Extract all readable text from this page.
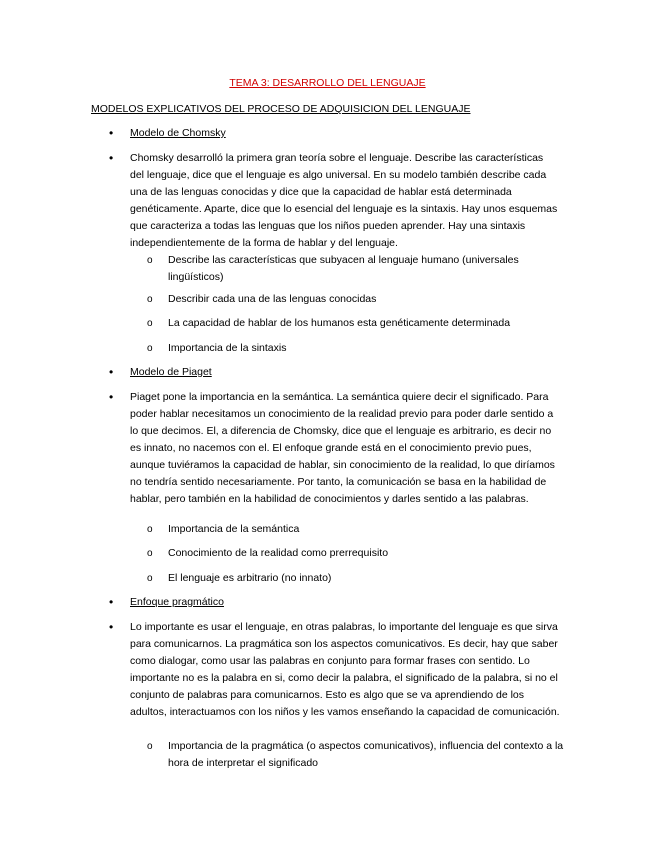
TEMA 3: DESARROLLO DEL LENGUAJE
MODELOS EXPLICATIVOS DEL PROCESO DE ADQUISICION DEL LENGUAJE
• Modelo de Chomsky
• Chomsky desarrolló la primera gran teoría sobre el lenguaje. Describe las características del lenguaje, dice que el lenguaje es algo universal. En su modelo también describe cada una de las lenguas conocidas y dice que la capacidad de hablar está determinada genéticamente. Aparte, dice que lo esencial del lenguaje es la sintaxis. Hay unos esquemas que caracteriza a todas las lenguas que los niños pueden aprender. Hay una sintaxis independientemente de la forma de hablar y del lenguaje.
o Describe las características que subyacen al lenguaje humano (universales lingüísticos)
o Describir cada una de las lenguas conocidas
o La capacidad de hablar de los humanos esta genéticamente determinada
o Importancia de la sintaxis
• Modelo de Piaget
• Piaget pone la importancia en la semántica. La semántica quiere decir el significado. Para poder hablar necesitamos un conocimiento de la realidad previo para poder darle sentido a lo que decimos. El, a diferencia de Chomsky, dice que el lenguaje es arbitrario, es decir no es innato, no nacemos con el. El enfoque grande está en el conocimiento previo pues, aunque tuviéramos la capacidad de hablar, sin conocimiento de la realidad, lo que diríamos no tendría sentido necesariamente. Por tanto, la comunicación se basa en la habilidad de hablar, pero también en la habilidad de conocimientos y darles sentido a las palabras.
o Importancia de la semántica
o Conocimiento de la realidad como prerrequisito
o El lenguaje es arbitrario (no innato)
• Enfoque pragmático
• Lo importante es usar el lenguaje, en otras palabras, lo importante del lenguaje es que sirva para comunicarnos. La pragmática son los aspectos comunicativos. Es decir, hay que saber como dialogar, como usar las palabras en conjunto para formar frases con sentido. Lo importante no es la palabra en si, como decir la palabra, el significado de la palabra, si no el conjunto de palabras para comunicarnos. Esto es algo que se va aprendiendo de los adultos, interactuamos con los niños y les vamos enseñando la capacidad de comunicación.
o Importancia de la pragmática (o aspectos comunicativos), influencia del contexto a la hora de interpretar el significado
